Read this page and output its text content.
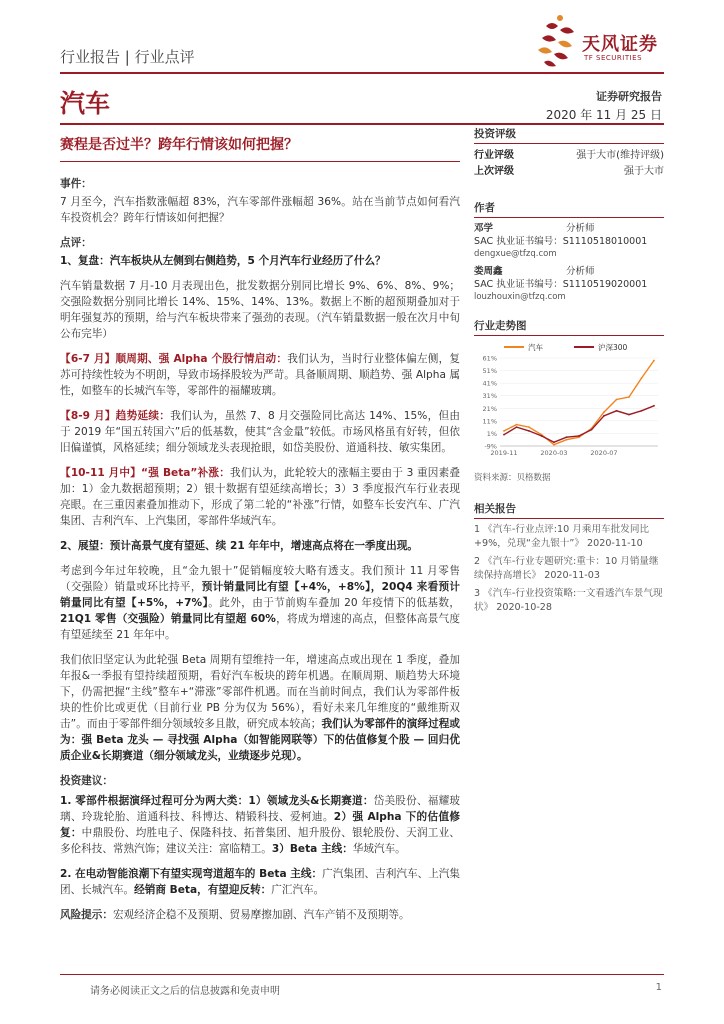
行业报告 | 行业点评
天风证券
TF SECURITIES
汽车	证券研究报告
2020 年 11 月 25 日
赛程是否过半？跨年行情该如何把握？

事件：

7 月至今，汽车指数涨幅超 83%，汽车零部件涨幅超 36%。站在当前节点如何看汽车投资机会？跨年行情该如何把握？

点评：

1、复盘：汽车板块从左侧到右侧趋势，5 个月汽车行业经历了什么？

汽车销量数据 7 月-10 月表现出色，批发数据分别同比增长 9%、6%、8%、9%；交强险数据分别同比增长 14%、15%、14%、13%。数据上不断的超预期叠加对于明年强复苏的预期，给与汽车板块带来了强劲的表现。（汽车销量数据一般在次月中旬公布完毕）

【6-7 月】顺周期、强 Alpha 个股行情启动：我们认为，当时行业整体偏左侧，复苏可持续性较为不明朗，导致市场择股较为严苛。具备顺周期、顺趋势、强 Alpha 属性，如整车的长城汽车等，零部件的福耀玻璃。

【8-9 月】趋势延续：我们认为，虽然 7、8 月交强险同比高达 14%、15%，但由于 2019 年“国五转国六”后的低基数，使其“含金量”较低。市场风格虽有好转，但依旧偏谨慎，风格延续；细分领域龙头表现抢眼，如岱美股份、道通科技、敏实集团。

【10-11 月中】“强 Beta”补涨：我们认为，此轮较大的涨幅主要由于 3 重因素叠加：1）金九数据超预期；2）银十数据有望延续高增长；3）3 季度报汽车行业表现亮眼。在三重因素叠加推动下，形成了第二轮的“补涨”行情，如整车长安汽车、广汽集团、吉利汽车、上汽集团，零部件华域汽车。

2、展望：预计高景气度有望延、续 21 年年中，增速高点将在一季度出现。

考虑到今年过年较晚，且“金九银十”促销幅度较大略有透支。我们预计 11 月零售（交强险）销量或环比持平，预计销量同比有望【+4%，+8%】，20Q4 来看预计销量同比有望【+5%，+7%】。此外，由于节前购车叠加 20 年疫情下的低基数，21Q1 零售（交强险）销量同比有望超 60%，将成为增速的高点，但整体高景气度有望延续至 21 年年中。

我们依旧坚定认为此轮强 Beta 周期有望维持一年，增速高点或出现在 1 季度，叠加年报&一季报有望持续超预期，看好汽车板块的跨年机遇。在顺周期、顺趋势大环境下，仍需把握“主线”整车+“滞涨”零部件机遇。而在当前时间点，我们认为零部件板块的性价比或更优（目前行业 PB 分为仅为 56%），看好未来几年维度的“戴维斯双击”。而由于零部件细分领域较多且散，研究成本较高；我们认为零部件的演绎过程或为：强 Beta 龙头 — 寻找强 Alpha（如智能网联等）下的估值修复个股 — 回归优质企业&长期赛道（细分领域龙头，业绩逐步兑现）。

投资建议：

1. 零部件根据演绎过程可分为两大类：1）领域龙头&长期赛道：岱美股份、福耀玻璃、玲珑轮胎、道通科技、科博达、精锻科技、爱柯迪。2）强 Alpha 下的估值修复：中鼎股份、均胜电子、保隆科技、拓普集团、旭升股份、银轮股份、天润工业、多伦科技、常熟汽饰；建议关注：富临精工。3）Beta 主线：华域汽车。

2. 在电动智能浪潮下有望实现弯道超车的 Beta 主线：广汽集团、吉利汽车、上汽集团、长城汽车。经销商 Beta，有望迎反转：广汇汽车。

风险提示：宏观经济企稳不及预期、贸易摩擦加剧、汽车产销不及预期等。

投资评级
行业评级	强于大市(维持评级)
上次评级	强于大市
作者
邓学	分析师
SAC 执业证书编号：S1110518010001
dengxue@tfzq.com
娄周鑫	分析师
SAC 执业证书编号：S1110519020001
louzhouxin@tfzq.com
行业走势图
汽车	沪深300
61%
51%
41%
31%
21%
11%
1%
-9%
2019-11	2020-03	2020-07
资料来源：贝格数据
相关报告
1 《汽车-行业点评:10 月乘用车批发同比 +9%，兑现“金九银十”》 2020-11-10
2 《汽车-行业专题研究:重卡：10 月销量继续保持高增长》 2020-11-03
3 《汽车-行业投资策略:一文看透汽车景气现状》 2020-10-28
请务必阅读正文之后的信息披露和免责申明	1
